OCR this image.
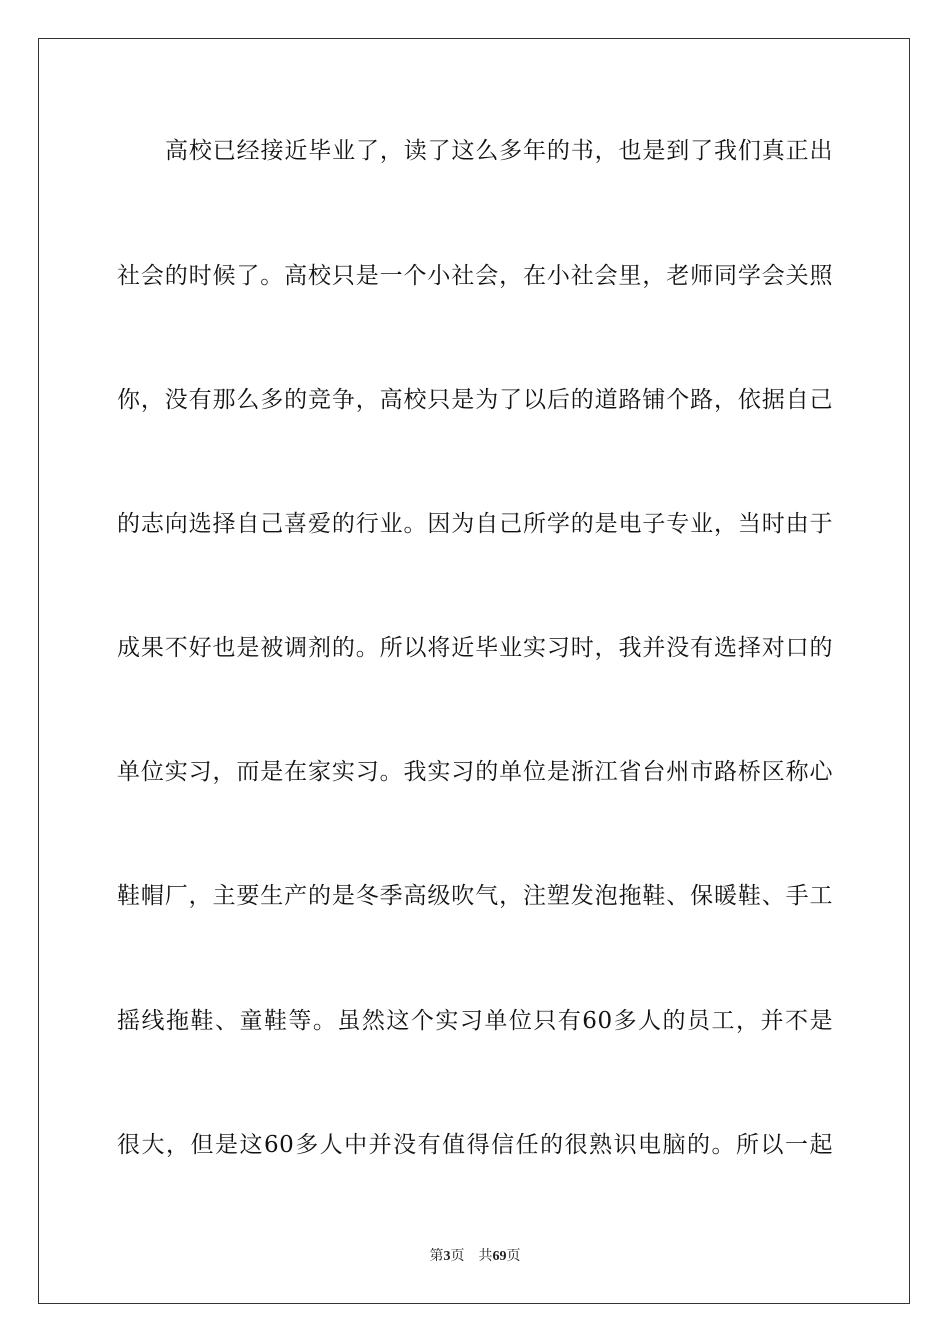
高校已经接近毕业了，读了这么多年的书，也是到了我们真正出
社会的时候了。高校只是一个小社会，在小社会里，老师同学会关照
你，没有那么多的竞争，高校只是为了以后的道路铺个路，依据自己
的志向选择自己喜爱的行业。因为自己所学的是电子专业，当时由于
成果不好也是被调剂的。所以将近毕业实习时，我并没有选择对口的
单位实习，而是在家实习。我实习的单位是浙江省台州市路桥区称心
鞋帽厂，主要生产的是冬季高级吹气，注塑发泡拖鞋、保暖鞋、手工
摇线拖鞋、童鞋等。虽然这个实习单位只有60多人的员工，并不是
很大，但是这60多人中并没有值得信任的很熟识电脑的。所以一起
第3页 共69页
